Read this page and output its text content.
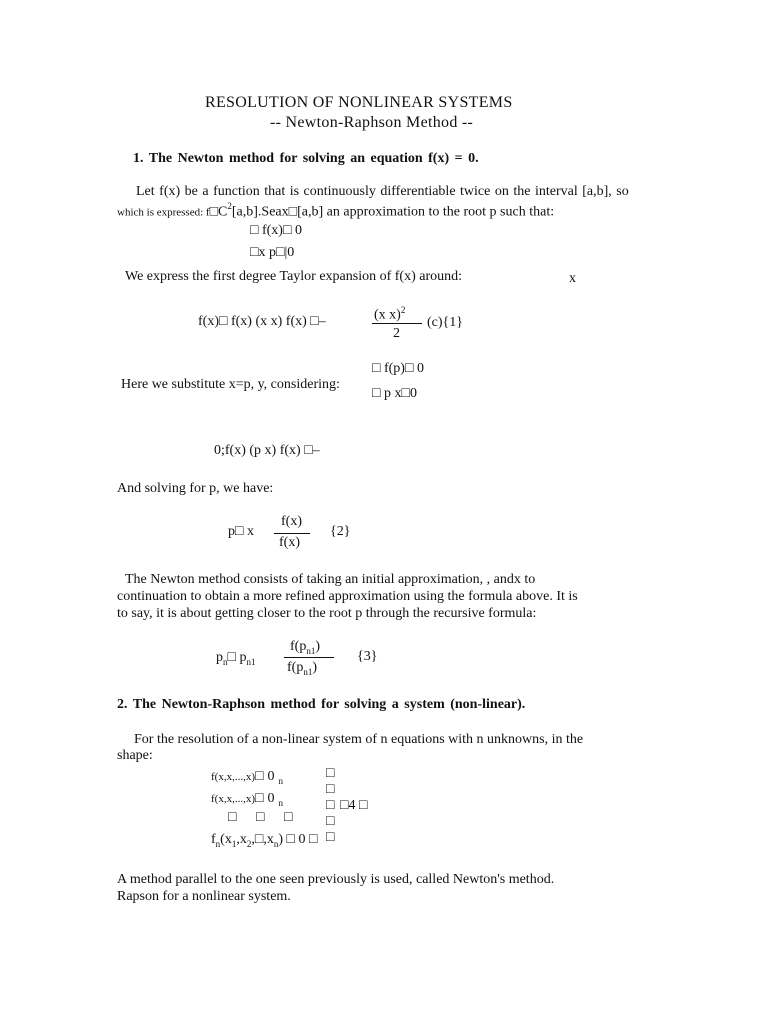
RESOLUTION OF NONLINEAR SYSTEMS
-- Newton-Raphson Method --
1. The Newton method for solving an equation f(x) = 0.
Let f(x) be a function that is continuously differentiable twice on the interval [a,b], so
which is expressed: $f□C^2[a,b].Seax□[a,b]$ an approximation to the root p such that:
□ f(x)□ 0
□x p□|0
We express the first degree Taylor expansion of f(x) around:	x
f(x)□ f(x) (x x) f(x) □–	(x x)$^2$
2
(c){1}
Here we substitute x=p, y, considering:
□ f(p)□ 0
□ p x□0
0;f(x) (p x) f(x) □–
And solving for p, we have:
p□ x
f(x)
f(x)
{2}
The Newton method consists of taking an initial approximation, , andx to
continuation to obtain a more refined approximation using the formula above. It is
to say, it is about getting closer to the root p through the recursive formula:
$p_n□$ $p_{n1}$
$f(p_{n1})$
$f(p_{n1})$
{3}
2. The Newton-Raphson method for solving a system (non-linear).
For the resolution of a non-linear system of n equations with n unknowns, in the
shape:
f(x,x,...,x)□ 0 $_n$
f(x,x,...,x)□ 0 $_n$
□ □ □
$f_n(x_1,x_2,□,x_n)$ □ 0 □
□
□
□
□
□
□4 □
A method parallel to the one seen previously is used, called Newton's method.
Rapson for a nonlinear system.
